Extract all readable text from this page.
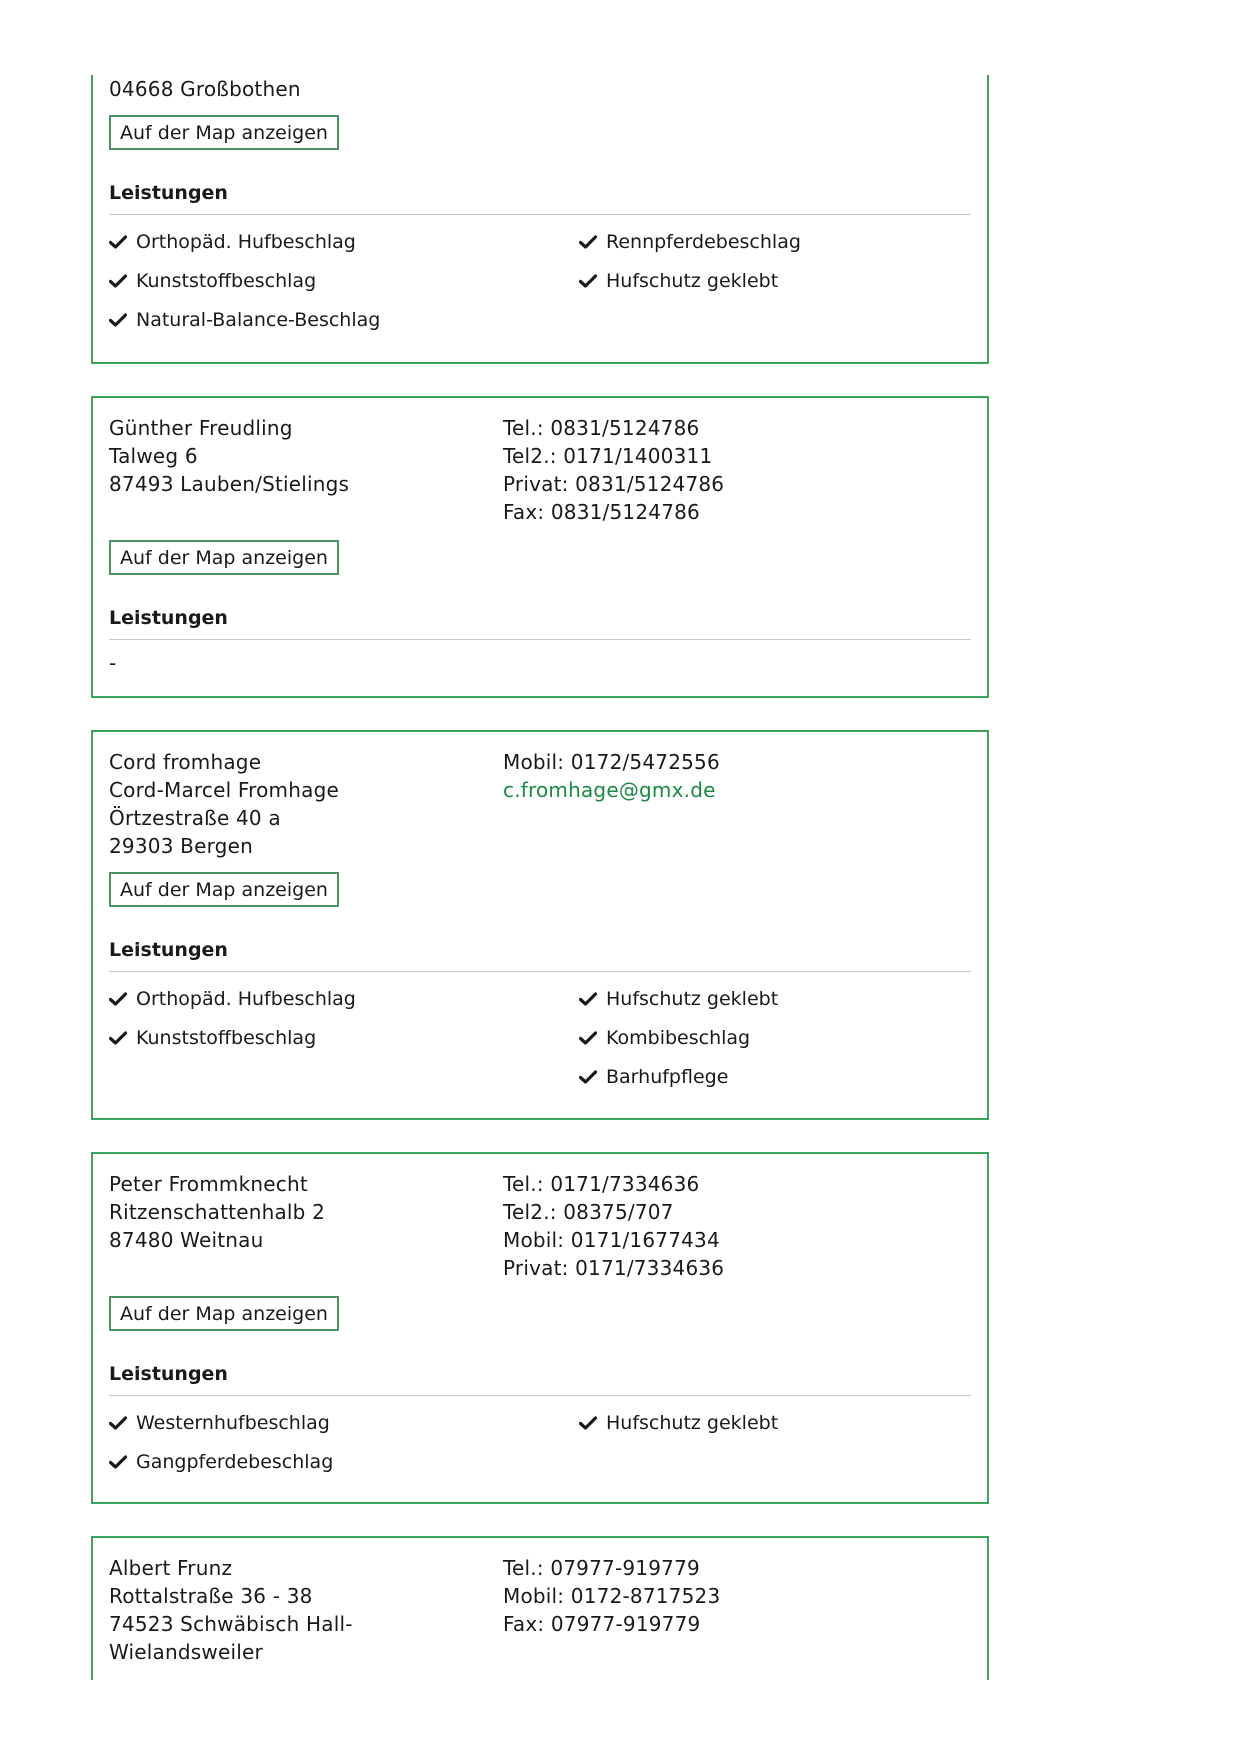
04668 Großbothen
Auf der Map anzeigen
Leistungen
Orthopäd. Hufbeschlag
Kunststoffbeschlag
Natural-Balance-Beschlag
Rennpferdebeschlag
Hufschutz geklebt
Günther Freudling
Talweg 6
87493 Lauben/Stielings
Tel.: 0831/5124786
Tel2.: 0171/1400311
Privat: 0831/5124786
Fax: 0831/5124786
Auf der Map anzeigen
Leistungen
-
Cord fromhage
Cord-Marcel Fromhage
Örtzestraße 40 a
29303 Bergen
Mobil: 0172/5472556
c.fromhage@gmx.de
Auf der Map anzeigen
Leistungen
Orthopäd. Hufbeschlag
Kunststoffbeschlag
Hufschutz geklebt
Kombibeschlag
Barhufpflege
Peter Frommknecht
Ritzenschattenhalb 2
87480 Weitnau
Tel.: 0171/7334636
Tel2.: 08375/707
Mobil: 0171/1677434
Privat: 0171/7334636
Auf der Map anzeigen
Leistungen
Westernhufbeschlag
Gangpferdebeschlag
Hufschutz geklebt
Albert Frunz
Rottalstraße 36 - 38
74523 Schwäbisch Hall-
Wielandsweiler
Tel.: 07977-919779
Mobil: 0172-8717523
Fax: 07977-919779
